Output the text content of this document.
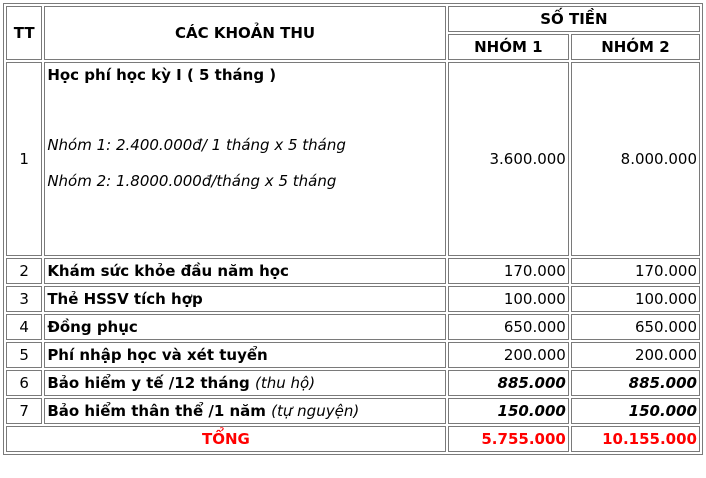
TT	CÁC KHOẢN THU	SỐ TIỀN	
		NHÓM 1	NHÓM 2
1	Học phí học kỳ I ( 5 tháng )
Nhóm 1: 2.400.000đ/ 1 tháng x 5 tháng
Nhóm 2: 1.8000.000đ/tháng x 5 tháng	3.600.000	8.000.000
2	Khám sức khỏe đầu năm học	170.000	170.000
3	Thẻ HSSV tích hợp	100.000	100.000
4	Đồng phục	650.000	650.000
5	Phí nhập học và xét tuyển	200.000	200.000
6	Bảo hiểm y tế /12 tháng (thu hộ)	885.000	885.000
7	Bảo hiểm thân thể /1 năm (tự nguyện)	150.000	150.000
TỔNG		5.755.000	10.155.000
